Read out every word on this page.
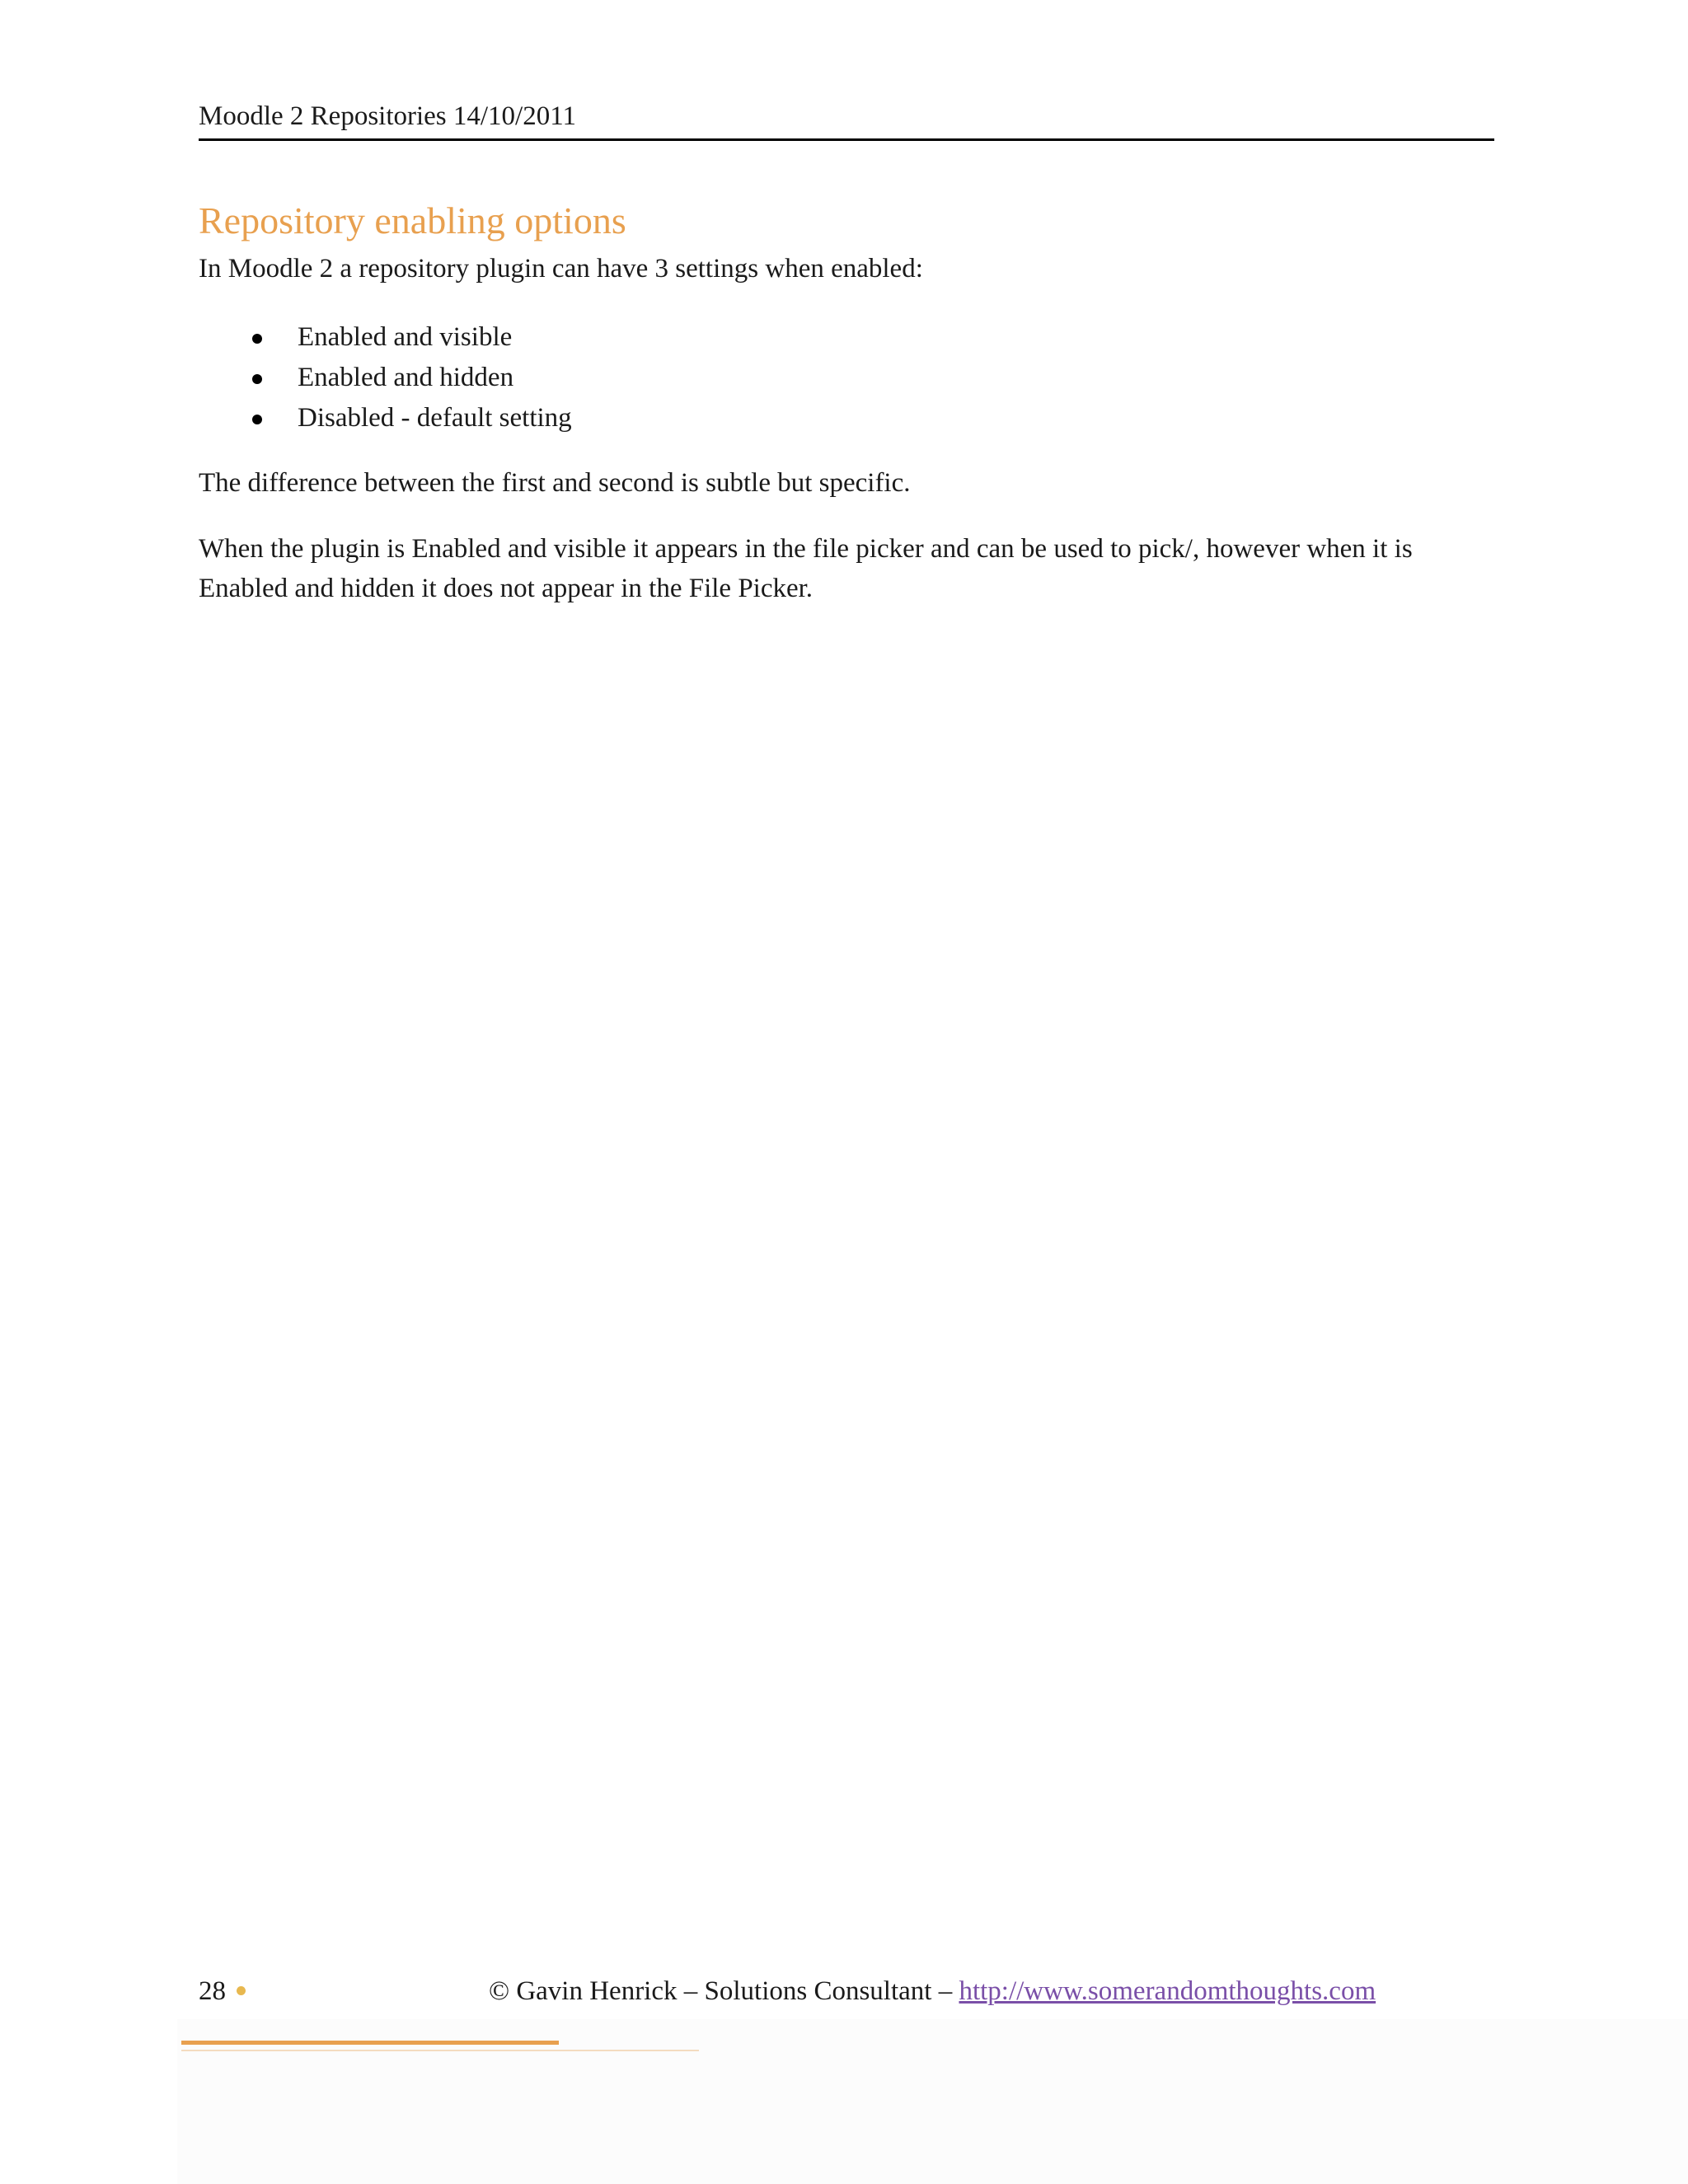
Moodle 2 Repositories 14/10/2011
Repository enabling options
In Moodle 2 a repository plugin can have 3 settings when enabled:
Enabled and visible
Enabled and hidden
Disabled - default setting
The difference between the first and second is subtle but specific.
When the plugin is Enabled and visible it appears in the file picker and can be used to pick/, however when it is Enabled and hidden it does not appear in the File Picker.
28	© Gavin Henrick – Solutions Consultant – http://www.somerandomthoughts.com
